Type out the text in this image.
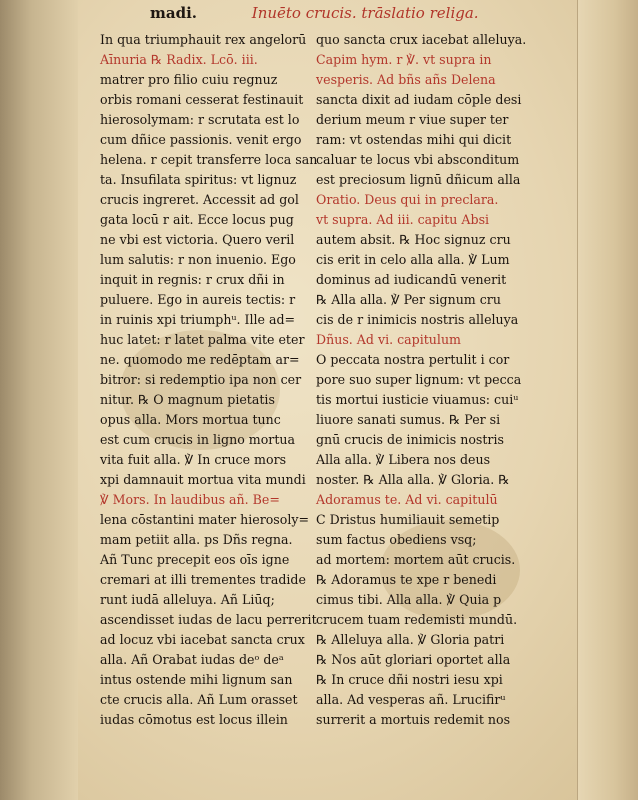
madi.	Inuēto crucis. trāslatio religa.
In qua triumphauit rex angelorū
Aīnuria ℞ Radix. Lcō. iii.
matrer pro filio cuiu regnuz
orbis romani cesserat festinauit
hierosolymam: r scrutata est lo
cum dñice passionis. venit ergo
helena. r cepit transferre loca san
ta. Insufilata spiritus: vt lignuz
crucis ingreret. Accessit ad gol
gata locū r ait. Ecce locus pug
ne vbi est victoria. Quero veril
lum salutis: r non inuenio. Ego
inquit in regnis: r crux dñi in
puluere. Ego in aureis tectis: r
in ruinis xpi triumphᵘ. Ille ad=
huc latet: r latet palma vite eter
ne. quomodo me redēptam ar=
bitror: si redemptio ipa non cer
nitur. ℞ O magnum pietatis
opus alla. Mors mortua tunc
est cum crucis in ligno mortua
vita fuit alla. ℣ In cruce mors
xpi damnauit mortua vita mundi
℣ Mors. In laudibus añ. Be=
lena cōstantini mater hierosoly=
mam petiit alla. ps Dñs regna.
Añ Tunc precepit eos oīs igne
cremari at illi trementes tradide
runt iudā alleluya. Añ Liūq;
ascendisset iudas de lacu perrerit
ad locuz vbi iacebat sancta crux
alla. Añ Orabat iudas deᵒ deᵃ
intus ostende mihi lignum san
cte crucis alla. Añ Lum orasset
iudas cōmotus est locus illein
quo sancta crux iacebat alleluya.
Capim hym. r ℣. vt supra in
vesperis. Ad bñs añs Delena
sancta dixit ad iudam cōple desi
derium meum r viue super ter
ram: vt ostendas mihi qui dicit
caluar te locus vbi absconditum
est preciosum lignū dñicum alla
Oratio. Deus qui in preclara.
vt supra. Ad iii. capitu Absi
autem absit. ℞ Hoc signuz cru
cis erit in celo alla alla. ℣ Lum
dominus ad iudicandū venerit
℞ Alla alla. ℣ Per signum cru
cis de r inimicis nostris alleluya
Dñus. Ad vi. capitulum
O peccata nostra pertulit i cor
pore suo super lignum: vt pecca
tis mortui iusticie viuamus: cuiᵘ
liuore sanati sumus. ℞ Per si
gnū crucis de inimicis nostris
Alla alla. ℣ Libera nos deus
noster. ℞ Alla alla. ℣ Gloria. ℞
Adoramus te. Ad vi. capitulū
C Dristus humiliauit semetip
sum factus obediens vsq;
ad mortem: mortem aūt crucis.
℞ Adoramus te xpe r benedi
cimus tibi. Alla alla. ℣ Quia p
crucem tuam redemisti mundū.
℞ Alleluya alla. ℣ Gloria patri
℞ Nos aūt gloriari oportet alla
℞ In cruce dñi nostri iesu xpi
alla. Ad vesperas añ. Lrucifirᵘ
surrerit a mortuis redemit nos
